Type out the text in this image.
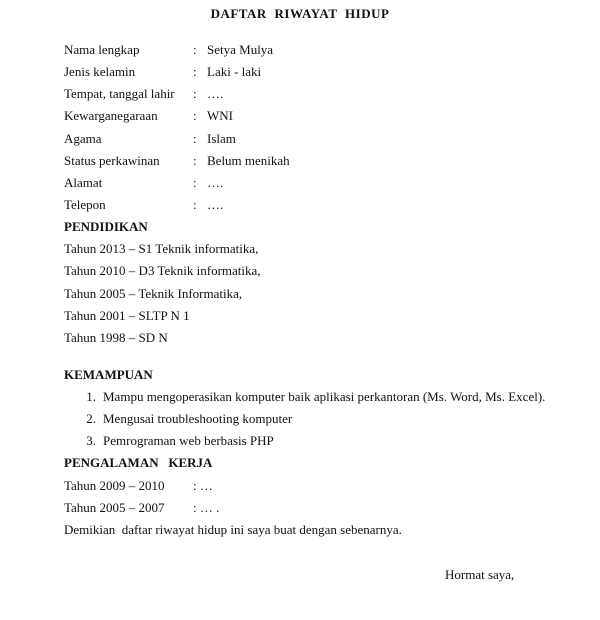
DAFTAR RIWAYAT HIDUP
Nama lengkap	: Setya Mulya
Jenis kelamin	: Laki - laki
Tempat, tanggal lahir : ….
Kewarganegaraan	: WNI
Agama	: Islam
Status perkawinan	: Belum menikah
Alamat	: ….
Telepon	: ….
PENDIDIKAN
Tahun 2013 – S1 Teknik informatika,
Tahun 2010 – D3 Teknik informatika,
Tahun 2005 – Teknik Informatika,
Tahun 2001 – SLTP N 1
Tahun 1998 – SD N
KEMAMPUAN
1. Mampu mengoperasikan komputer baik aplikasi perkantoran (Ms. Word, Ms. Excel).
2. Mengusai troubleshooting komputer
3. Pemrograman web berbasis PHP
PENGALAMAN   KERJA
Tahun 2009 – 2010 : …
Tahun 2005 – 2007 : … .
Demikian  daftar riwayat hidup ini saya buat dengan sebenarnya.
Hormat saya,
